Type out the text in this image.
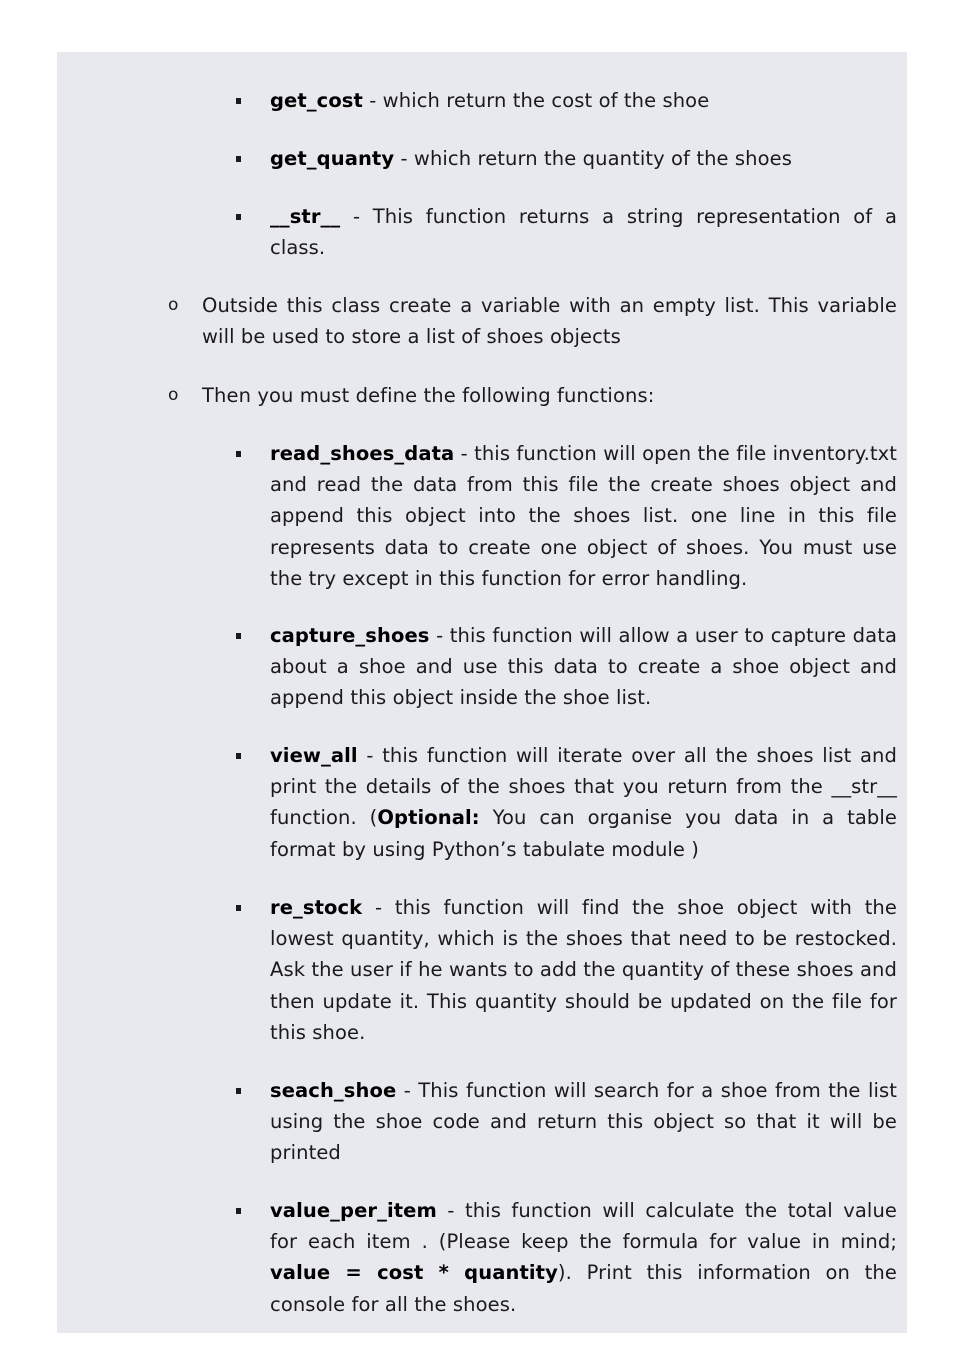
get_cost - which return the cost of the shoe
get_quanty - which return the quantity of the shoes
__str__ - This function returns a string representation of a class.
o Outside this class create a variable with an empty list. This variable will be used to store a list of shoes objects
o Then you must define the following functions:
read_shoes_data - this function will open the file inventory.txt and read the data from this file the create shoes object and append this object into the shoes list. one line in this file represents data to create one object of shoes. You must use the try except in this function for error handling.
capture_shoes - this function will allow a user to capture data about a shoe and use this data to create a shoe object and append this object inside the shoe list.
view_all - this function will iterate over all the shoes list and print the details of the shoes that you return from the __str__ function. (Optional: You can organise you data in a table format by using Python’s tabulate module )
re_stock - this function will find the shoe object with the lowest quantity, which is the shoes that need to be restocked. Ask the user if he wants to add the quantity of these shoes and then update it. This quantity should be updated on the file for this shoe.
seach_shoe - This function will search for a shoe from the list using the shoe code and return this object so that it will be printed
value_per_item - this function will calculate the total value for each item . (Please keep the formula for value in mind; value = cost * quantity). Print this information on the console for all the shoes.
